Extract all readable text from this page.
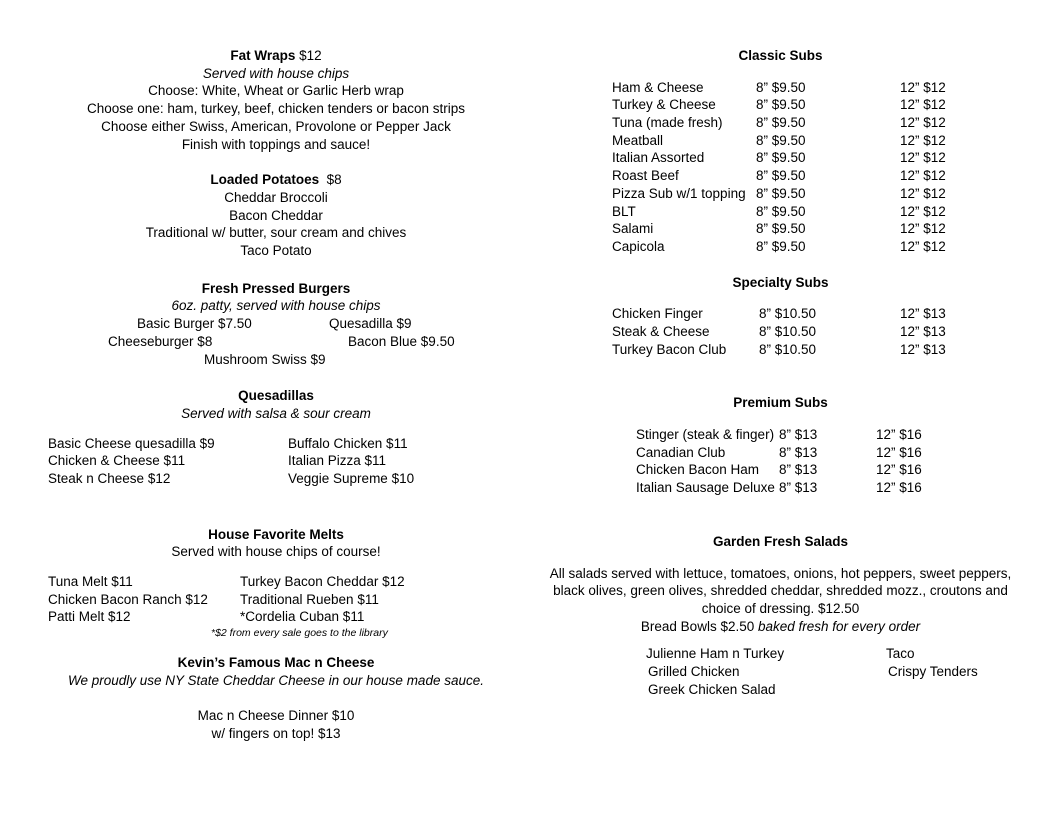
Fat Wraps $12
Served with house chips
Choose: White, Wheat or Garlic Herb wrap
Choose one: ham, turkey, beef, chicken tenders or bacon strips
Choose either Swiss, American, Provolone or Pepper Jack
Finish with toppings and sauce!
Loaded Potatoes $8
Cheddar Broccoli
Bacon Cheddar
Traditional w/ butter, sour cream and chives
Taco Potato
Fresh Pressed Burgers
6oz. patty, served with house chips
Basic Burger $7.50	Quesadilla $9
Cheeseburger $8	Bacon Blue $9.50
Mushroom Swiss $9
Quesadillas
Served with salsa & sour cream
Basic Cheese quesadilla $9	Buffalo Chicken $11
Chicken & Cheese $11	Italian Pizza $11
Steak n Cheese $12	Veggie Supreme $10
House Favorite Melts
Served with house chips of course!
Tuna Melt $11	Turkey Bacon Cheddar $12
Chicken Bacon Ranch $12 Traditional Rueben $11
Patti Melt $12	*Cordelia Cuban $11
*$2 from every sale goes to the library
Kevin’s Famous Mac n Cheese
We proudly use NY State Cheddar Cheese in our house made sauce.
Mac n Cheese Dinner $10
w/ fingers on top! $13
Classic Subs
Ham & Cheese	8” $9.50	12” $12
Turkey & Cheese	8” $9.50	12” $12
Tuna (made fresh) 8” $9.50	12” $12
Meatball	8” $9.50	12” $12
Italian Assorted	8” $9.50	12” $12
Roast Beef	8” $9.50	12” $12
Pizza Sub w/1 topping 8” $9.50	12” $12
BLT	8” $9.50	12” $12
Salami	8” $9.50	12” $12
Capicola	8” $9.50	12” $12
Specialty Subs
Chicken Finger	8” $10.50	12” $13
Steak & Cheese	8” $10.50	12” $13
Turkey Bacon Club 8” $10.50	12” $13
Premium Subs
Stinger (steak & finger) 8” $13	12” $16
Canadian Club	8” $13	12” $16
Chicken Bacon Ham 8” $13	12” $16
Italian Sausage Deluxe 8” $13	12” $16
Garden Fresh Salads
All salads served with lettuce, tomatoes, onions, hot peppers, sweet peppers,
black olives, green olives, shredded cheddar, shredded mozz., croutons and
choice of dressing. $12.50
Bread Bowls $2.50 baked fresh for every order
Julienne Ham n Turkey	Taco
Grilled Chicken	Crispy Tenders
Greek Chicken Salad
